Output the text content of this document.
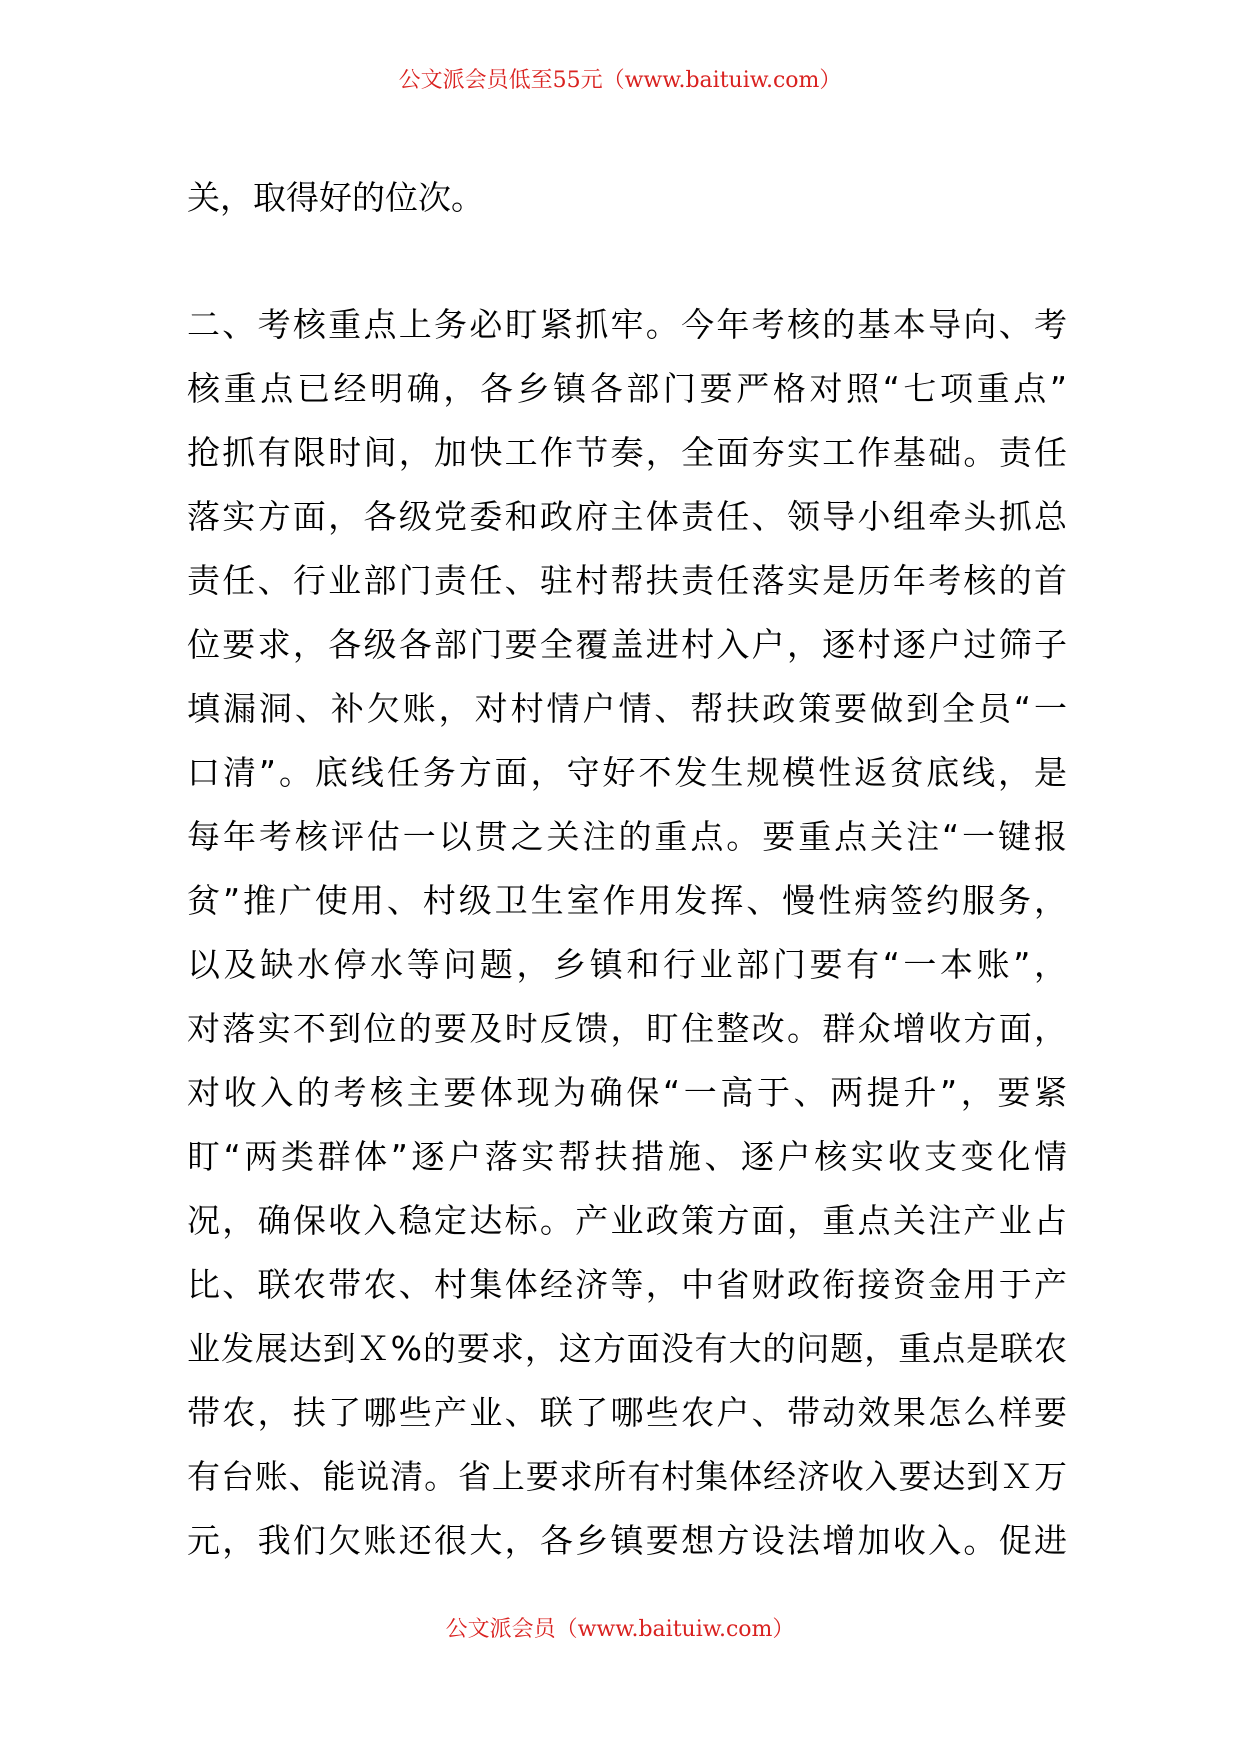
公文派会员低至55元（www.baituiw.com）
关，取得好的位次。
二、考核重点上务必盯紧抓牢。今年考核的基本导向、考
核重点已经明确，各乡镇各部门要严格对照“七项重点”
抢抓有限时间，加快工作节奏，全面夯实工作基础。责任
落实方面，各级党委和政府主体责任、领导小组牵头抓总
责任、行业部门责任、驻村帮扶责任落实是历年考核的首
位要求，各级各部门要全覆盖进村入户，逐村逐户过筛子
填漏洞、补欠账，对村情户情、帮扶政策要做到全员“一
口清”。底线任务方面，守好不发生规模性返贫底线，是
每年考核评估一以贯之关注的重点。要重点关注“一键报
贫”推广使用、村级卫生室作用发挥、慢性病签约服务，
以及缺水停水等问题，乡镇和行业部门要有“一本账”，
对落实不到位的要及时反馈，盯住整改。群众增收方面，
对收入的考核主要体现为确保“一高于、两提升”，要紧
盯“两类群体”逐户落实帮扶措施、逐户核实收支变化情
况，确保收入稳定达标。产业政策方面，重点关注产业占
比、联农带农、村集体经济等，中省财政衔接资金用于产
业发展达到Ｘ%的要求，这方面没有大的问题，重点是联农
带农，扶了哪些产业、联了哪些农户、带动效果怎么样要
有台账、能说清。省上要求所有村集体经济收入要达到Ｘ万
元，我们欠账还很大，各乡镇要想方设法增加收入。促进
公文派会员（www.baituiw.com）
